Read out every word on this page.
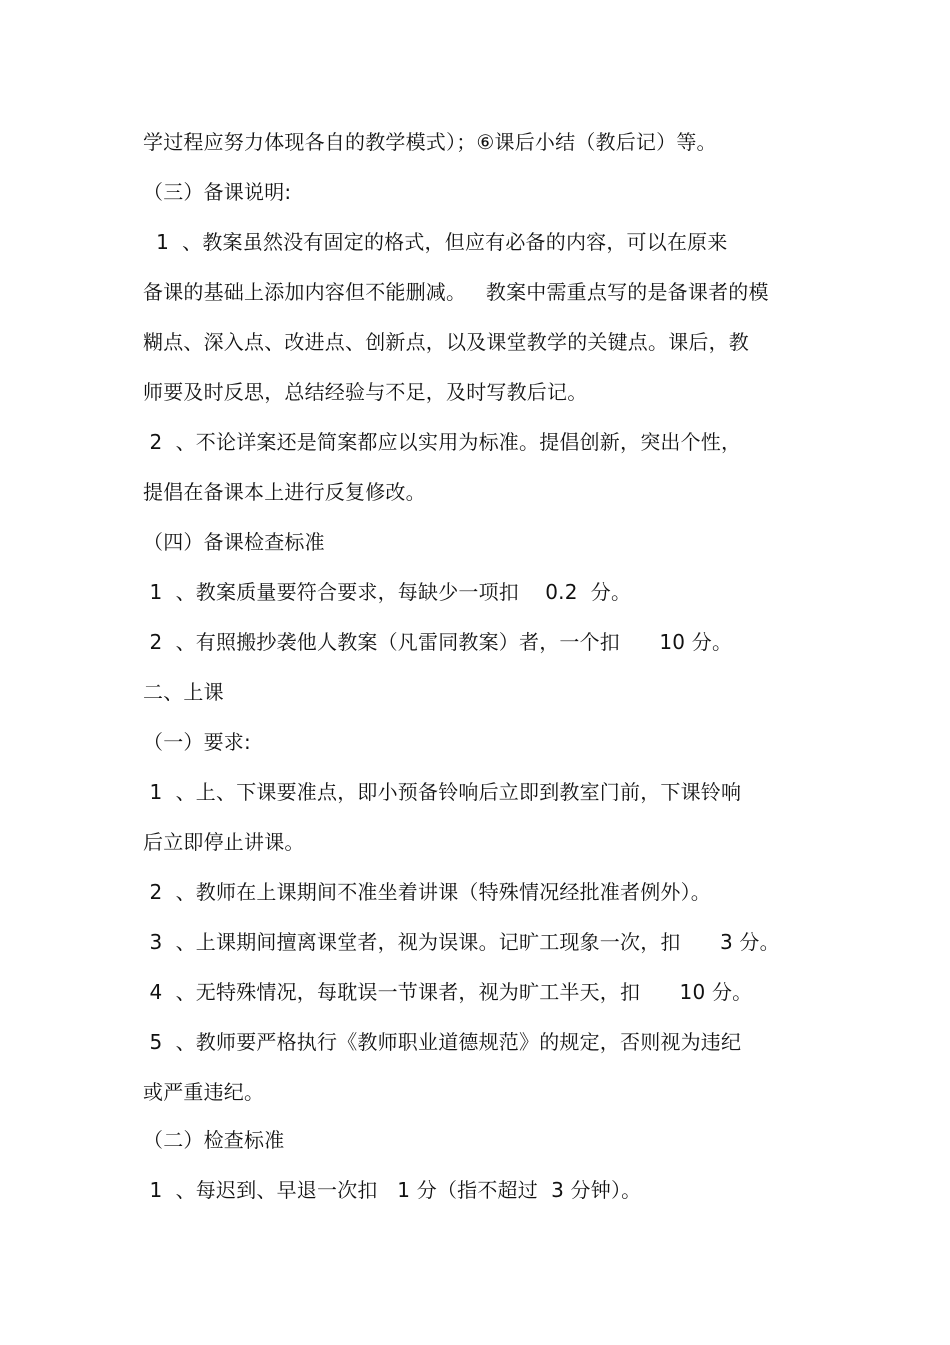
学过程应努力体现各自的教学模式）；⑥课后小结（教后记）等。
（三）备课说明:
1  、教案虽然没有固定的格式，但应有必备的内容，可以在原来
备课的基础上添加内容但不能删减。   教案中需重点写的是备课者的模
糊点、深入点、改进点、创新点，以及课堂教学的关键点。课后，教
师要及时反思，总结经验与不足，及时写教后记。
2  、不论详案还是简案都应以实用为标准。提倡创新，突出个性，
提倡在备课本上进行反复修改。
（四）备课检查标准
1  、教案质量要符合要求，每缺少一项扣    0.2  分。
2  、有照搬抄袭他人教案（凡雷同教案）者，一个扣      10 分。
二、上课
（一）要求:
1  、上、下课要准点，即小预备铃响后立即到教室门前，下课铃响
后立即停止讲课。
2  、教师在上课期间不准坐着讲课（特殊情况经批准者例外）。
3  、上课期间擅离课堂者，视为误课。记旷工现象一次，扣      3 分。
4  、无特殊情况，每耽误一节课者，视为旷工半天，扣      10 分。
5  、教师要严格执行《教师职业道德规范》的规定，否则视为违纪
或严重违纪。
（二）检查标准
1  、每迟到、早退一次扣   1 分（指不超过  3 分钟）。
